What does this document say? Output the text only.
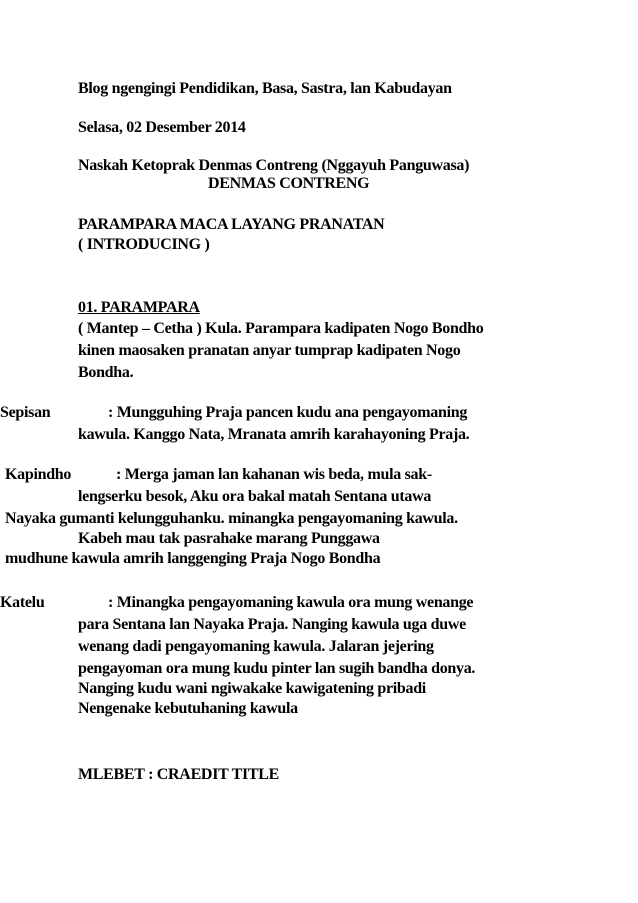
Blog ngengingi Pendidikan, Basa, Sastra, lan Kabudayan
Selasa, 02 Desember 2014
Naskah Ketoprak Denmas Contreng (Nggayuh Panguwasa)
DENMAS CONTRENG
PARAMPARA MACA LAYANG PRANATAN
( INTRODUCING )
01. PARAMPARA
( Mantep – Cetha ) Kula. Parampara kadipaten Nogo Bondho
kinen maosaken pranatan anyar tumprap kadipaten Nogo
Bondha.
Sepisan	: Mungguhing Praja pancen kudu ana pengayomaning
kawula. Kanggo Nata, Mranata amrih karahayoning Praja.
Kapindho	: Merga jaman lan kahanan wis beda, mula sak-
lengserku besok, Aku ora bakal matah Sentana utawa
Nayaka gumanti kelungguhanku. minangka pengayomaning kawula.
Kabeh mau tak pasrahake marang Punggawa
mudhune kawula amrih langgenging Praja Nogo Bondha
Katelu	: Minangka pengayomaning kawula ora mung wenange
para Sentana lan Nayaka Praja. Nanging kawula uga duwe
wenang dadi pengayomaning kawula. Jalaran jejering
pengayoman ora mung kudu pinter lan sugih bandha donya.
Nanging kudu wani ngiwakake kawigatening pribadi
Nengenake kebutuhaning kawula
MLEBET : CRAEDIT TITLE
